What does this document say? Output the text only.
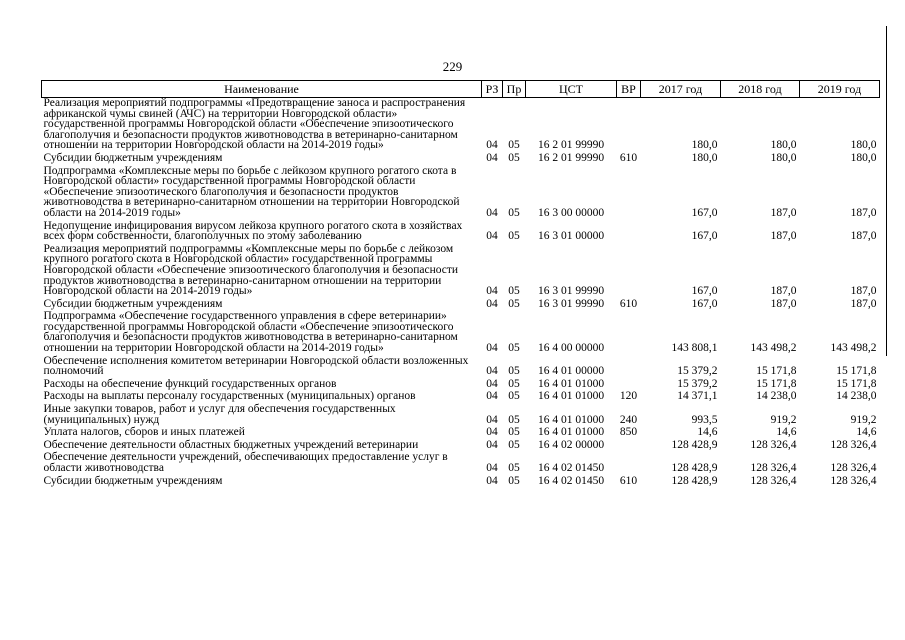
229
Наименование	РЗ	Пр	ЦСТ	ВР	2017 год	2018 год	2019 год
Реализация мероприятий подпрограммы «Предотвращение заноса и распространения африканской чумы свиней (АЧС) на территории Новгородской области» государственной программы Новгородской области «Обеспечение эпизоотического благополучия и безопасности продуктов животноводства в ветеринарно-санитарном отношении на территории Новгородской области на 2014-2019 годы»	04	05	16 2 01 99990		180,0	180,0	180,0

Субсидии бюджетным учреждениям	04	05	16 2 01 99990	610	180,0	180,0	180,0

Подпрограмма «Комплексные меры по борьбе с лейкозом крупного рогатого скота в Новгородской области» государственной программы Новгородской области «Обеспечение эпизоотического благополучия и безопасности продуктов животноводства в ветеринарно-санитарном отношении на территории Новгородской области на 2014-2019 годы»	04	05	16 3 00 00000		167,0	187,0	187,0

Недопущение инфицирования вирусом лейкоза крупного рогатого скота в хозяйствах всех форм собственности, благополучных по этому заболеванию	04	05	16 3 01 00000		167,0	187,0	187,0

Реализация мероприятий подпрограммы «Комплексные меры по борьбе с лейкозом крупного рогатого скота в Новгородской области» государственной программы Новгородской области «Обеспечение эпизоотического благополучия и безопасности продуктов животноводства в ветеринарно-санитарном отношении на территории Новгородской области на 2014-2019 годы»	04	05	16 3 01 99990		167,0	187,0	187,0

Субсидии бюджетным учреждениям	04	05	16 3 01 99990	610	167,0	187,0	187,0

Подпрограмма «Обеспечение государственного управления в сфере ветеринарии» государственной программы Новгородской области «Обеспечение эпизоотического благополучия и безопасности продуктов животноводства в ветеринарно-санитарном отношении на территории Новгородской области на 2014-2019 годы»	04	05	16 4 00 00000		143 808,1	143 498,2	143 498,2

Обеспечение исполнения комитетом ветеринарии Новгородской области возложенных полномочий	04	05	16 4 01 00000		15 379,2	15 171,8	15 171,8

Расходы на обеспечение функций государственных органов	04	05	16 4 01 01000		15 379,2	15 171,8	15 171,8

Расходы на выплаты персоналу государственных (муниципальных) органов	04	05	16 4 01 01000	120	14 371,1	14 238,0	14 238,0

Иные закупки товаров, работ и услуг для обеспечения государственных (муниципальных) нужд	04	05	16 4 01 01000	240	993,5	919,2	919,2

Уплата налогов, сборов и иных платежей	04	05	16 4 01 01000	850	14,6	14,6	14,6

Обеспечение деятельности областных бюджетных учреждений ветеринарии	04	05	16 4 02 00000		128 428,9	128 326,4	128 326,4

Обеспечение деятельности учреждений, обеспечивающих предоставление услуг в области животноводства	04	05	16 4 02 01450		128 428,9	128 326,4	128 326,4

Субсидии бюджетным учреждениям	04	05	16 4 02 01450	610	128 428,9	128 326,4	128 326,4
